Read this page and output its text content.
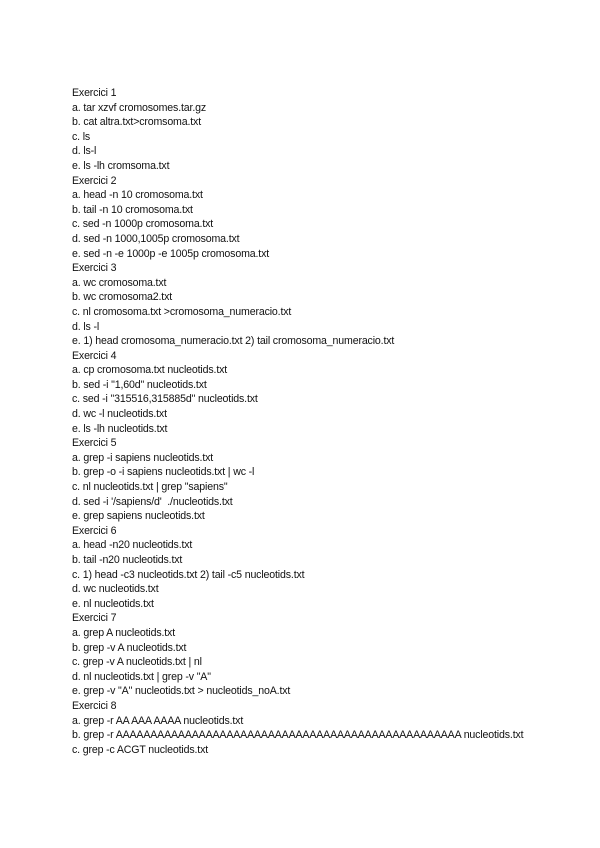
Exercici 1
a. tar xzvf cromosomes.tar.gz
b. cat altra.txt>cromsoma.txt
c. ls
d. ls-l
e. ls -lh cromsoma.txt
Exercici 2
a. head -n 10 cromosoma.txt
b. tail -n 10 cromosoma.txt
c. sed -n 1000p cromosoma.txt
d. sed -n 1000,1005p cromosoma.txt
e. sed -n -e 1000p -e 1005p cromosoma.txt
Exercici 3
a. wc cromosoma.txt
b. wc cromosoma2.txt
c. nl cromosoma.txt >cromosoma_numeracio.txt
d. ls -l
e. 1) head cromosoma_numeracio.txt 2) tail cromosoma_numeracio.txt
Exercici 4
a. cp cromosoma.txt nucleotids.txt
b. sed -i "1,60d" nucleotids.txt
c. sed -i "315516,315885d" nucleotids.txt
d. wc -l nucleotids.txt
e. ls -lh nucleotids.txt
Exercici 5
a. grep -i sapiens nucleotids.txt
b. grep -o -i sapiens nucleotids.txt | wc -l
c. nl nucleotids.txt | grep "sapiens"
d. sed -i '/sapiens/d'  ./nucleotids.txt
e. grep sapiens nucleotids.txt
Exercici 6
a. head -n20 nucleotids.txt
b. tail -n20 nucleotids.txt
c. 1) head -c3 nucleotids.txt 2) tail -c5 nucleotids.txt
d. wc nucleotids.txt
e. nl nucleotids.txt
Exercici 7
a. grep A nucleotids.txt
b. grep -v A nucleotids.txt
c. grep -v A nucleotids.txt | nl
d. nl nucleotids.txt | grep -v "A"
e. grep -v "A" nucleotids.txt > nucleotids_noA.txt
Exercici 8
a. grep -r AA AAA AAAA nucleotids.txt
b. grep -r AAAAAAAAAAAAAAAAAAAAAAAAAAAAAAAAAAAAAAAAAAAAAAAAAA nucleotids.txt
c. grep -c ACGT nucleotids.txt
